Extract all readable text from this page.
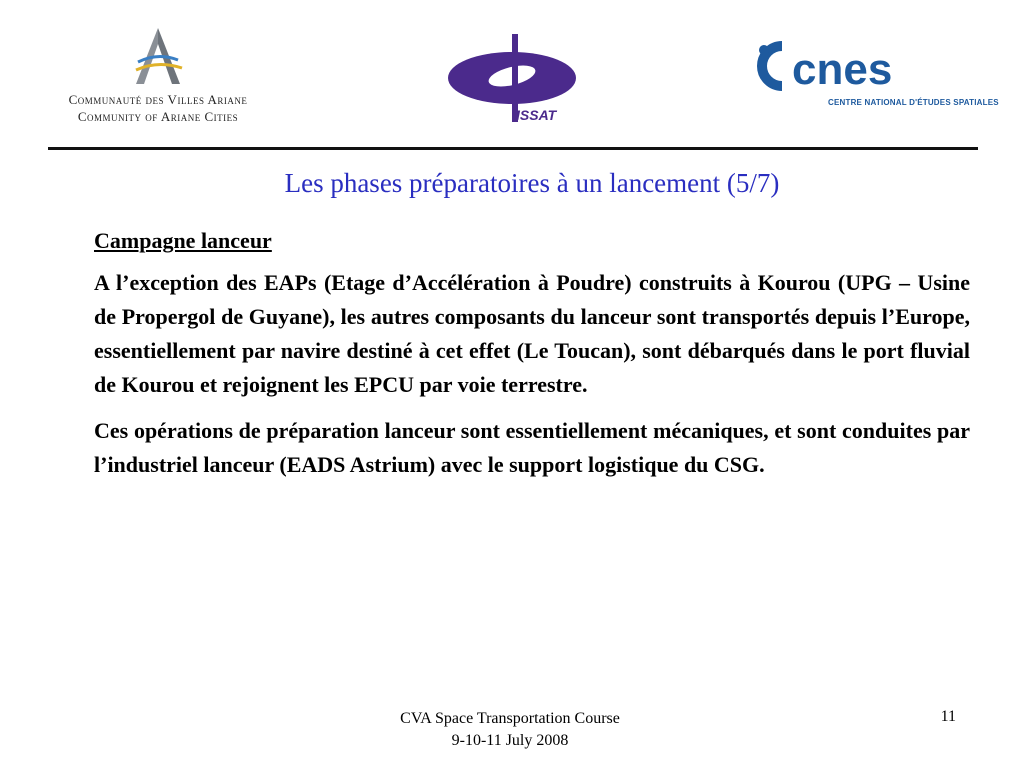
Communauté des Villes Ariane
Community of Ariane Cities	ISSAT
cnes
CENTRE NATIONAL D'ÉTUDES SPATIALES
Les phases préparatoires à un lancement (5/7)
Campagne lanceur

A l’exception des EAPs (Etage d’Accélération à Poudre) construits à Kourou (UPG – Usine de Propergol de Guyane), les autres composants du lanceur sont transportés depuis l’Europe, essentiellement par navire destiné à cet effet (Le Toucan), sont débarqués dans le port fluvial de Kourou et rejoignent les EPCU par voie terrestre.

Ces opérations de préparation lanceur sont essentiellement mécaniques, et sont conduites par l’industriel lanceur (EADS Astrium) avec le support logistique du CSG.

CVA Space Transportation Course
9-10-11 July 2008
11
